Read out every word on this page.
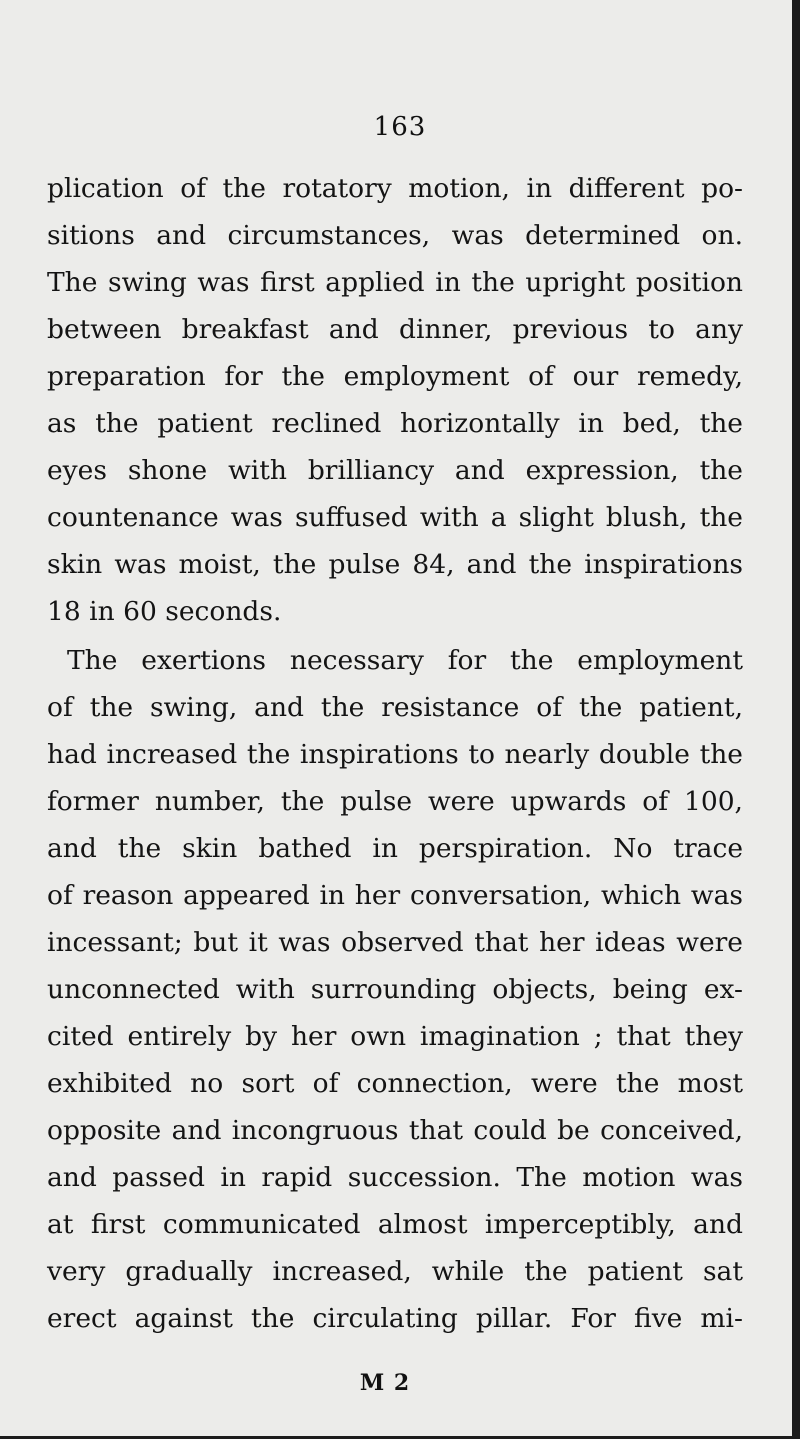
163
plication of the rotatory motion, in different po-
sitions and circumstances, was determined on.
The swing was first applied in the upright position
between breakfast and dinner, previous to any
preparation for the employment of our remedy,
as the patient reclined horizontally in bed, the
eyes shone with brilliancy and expression, the
countenance was suffused with a slight blush, the
skin was moist, the pulse 84, and the inspirations
18 in 60 seconds.
The exertions necessary for the employment
of the swing, and the resistance of the patient,
had increased the inspirations to nearly double the
former number, the pulse were upwards of 100,
and the skin bathed in perspiration. No trace
of reason appeared in her conversation, which was
incessant; but it was observed that her ideas were
unconnected with surrounding objects, being ex-
cited entirely by her own imagination ; that they
exhibited no sort of connection, were the most
opposite and incongruous that could be conceived,
and passed in rapid succession. The motion was
at first communicated almost imperceptibly, and
very gradually increased, while the patient sat
erect against the circulating pillar. For five mi-
M 2
